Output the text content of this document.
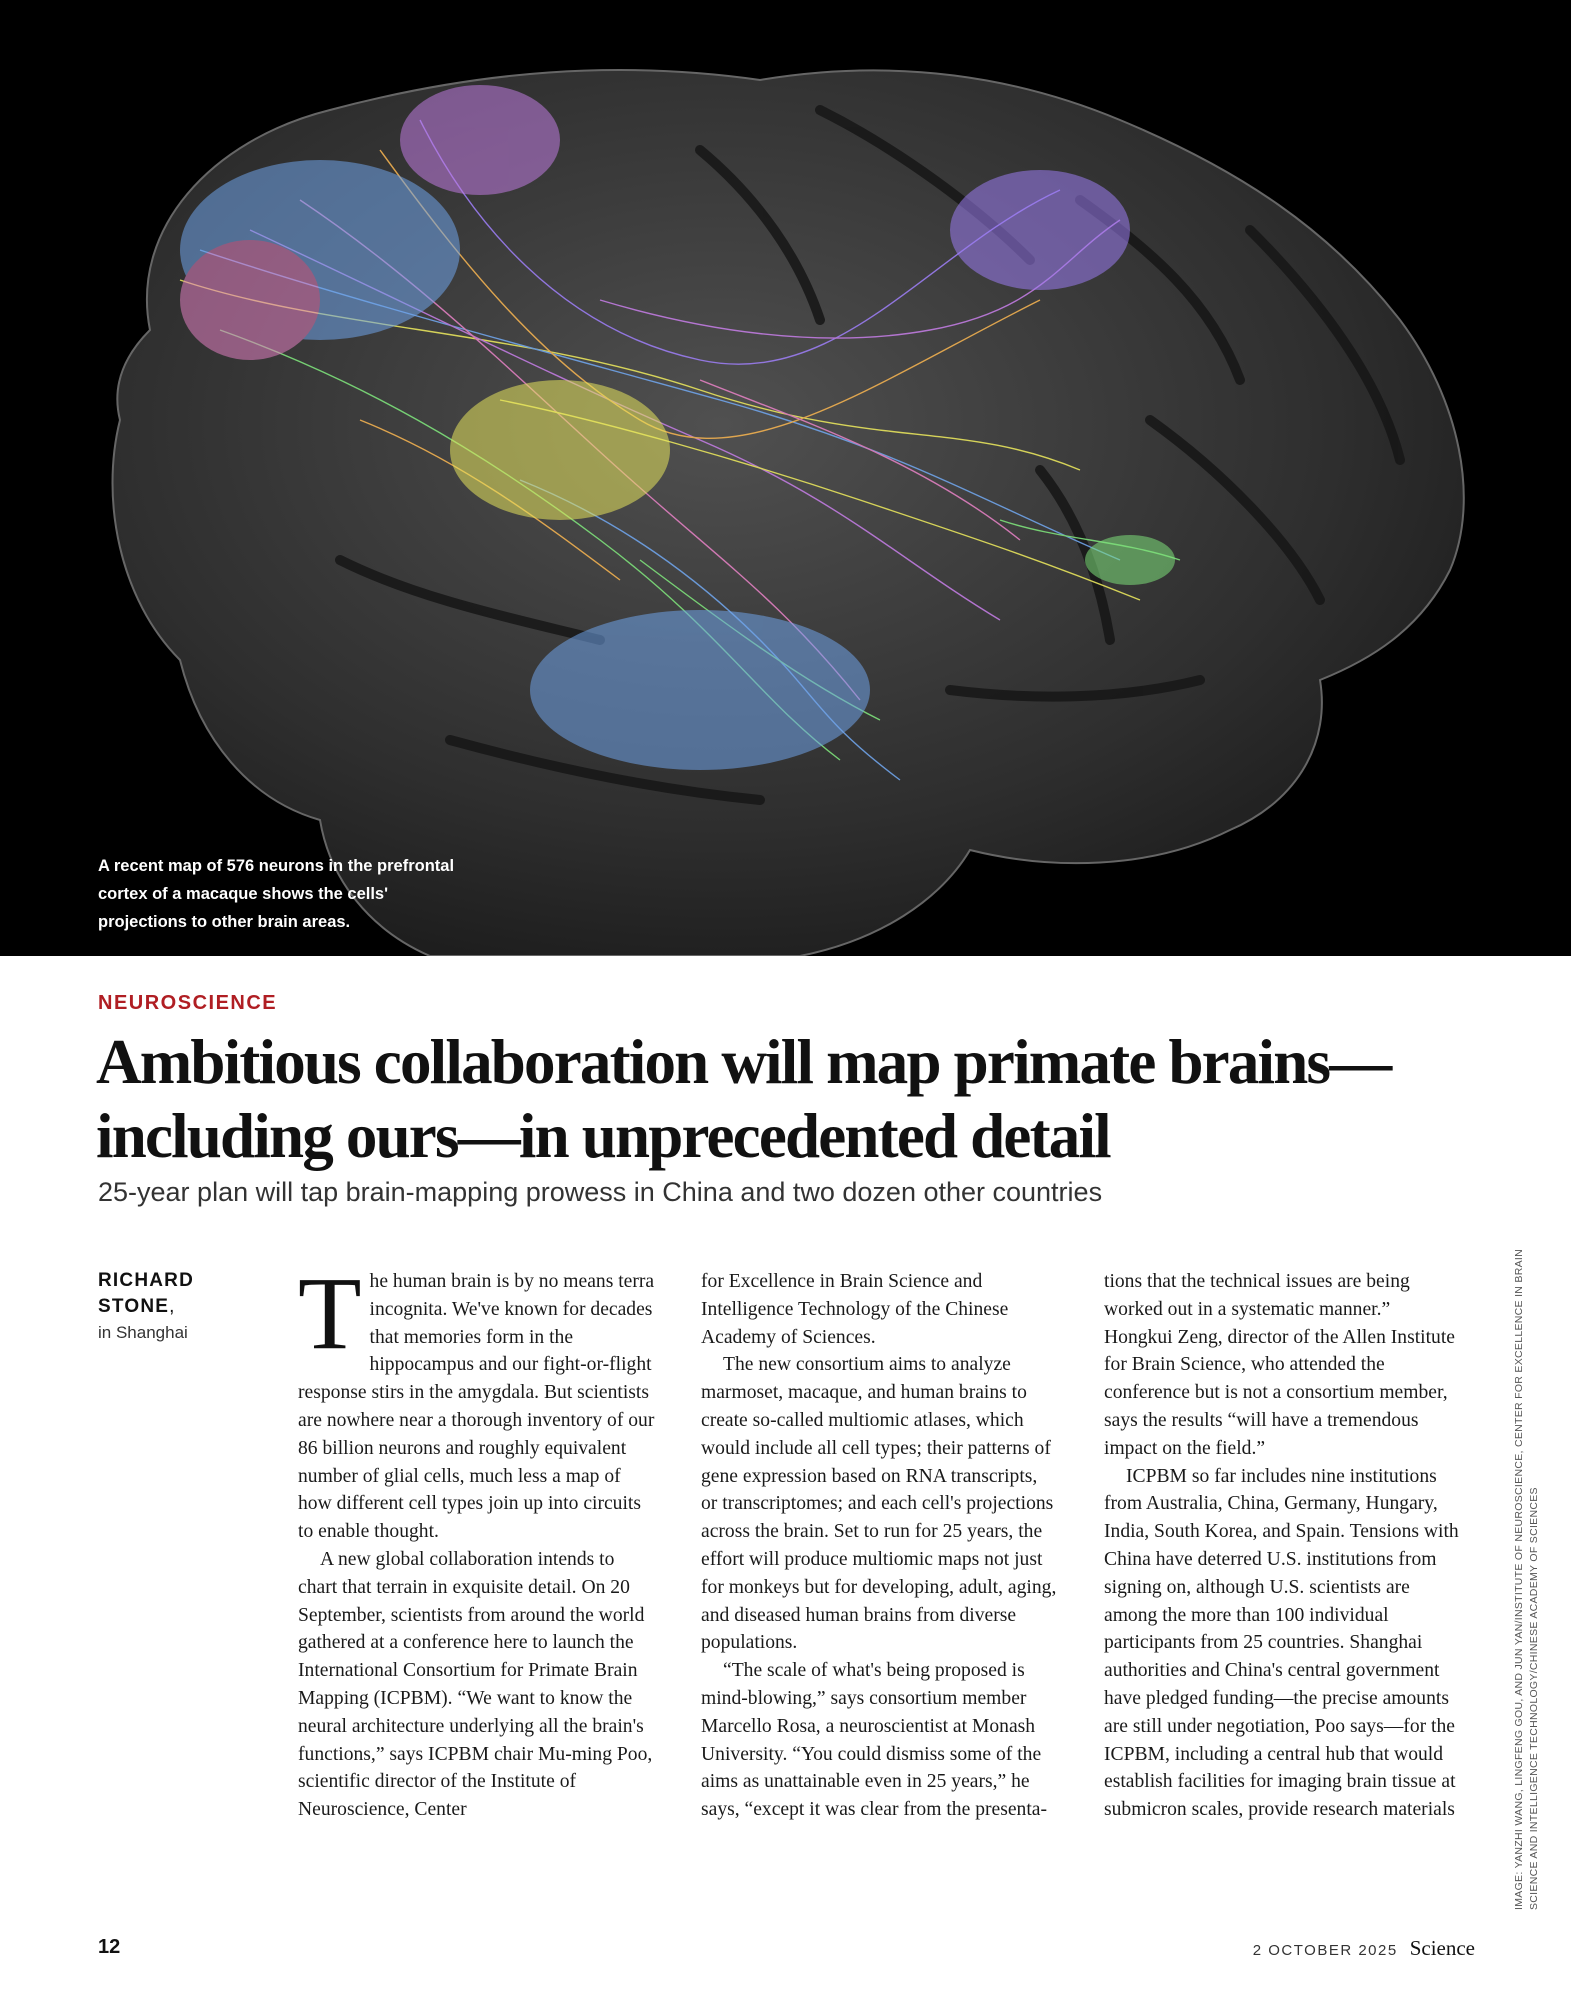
A recent map of 576 neurons in the prefrontal cortex of a macaque shows the cells' projections to other brain areas.
NEUROSCIENCE
Ambitious collaboration will map primate brains—including ours—in unprecedented detail
25-year plan will tap brain-mapping prowess in China and two dozen other countries
RICHARD
STONE,
in Shanghai The human brain is by no means terra incognita. We've known for decades that memories form in the hippocampus and our fight-or-flight response stirs in the amygdala. But scientists are nowhere near a thorough inventory of our 86 billion neurons and roughly equivalent number of glial cells, much less a map of how different cell types join up into circuits to enable thought.

A new global collaboration intends to chart that terrain in exquisite detail. On 20 September, scientists from around the world gathered at a conference here to launch the International Consortium for Primate Brain Mapping (ICPBM). “We want to know the neural architecture underlying all the brain's functions,” says ICPBM chair Mu-ming Poo, scientific director of the Institute of Neuroscience, Center

for Excellence in Brain Science and Intelligence Technology of the Chinese Academy of Sciences.

The new consortium aims to analyze marmoset, macaque, and human brains to create so-called multiomic atlases, which would include all cell types; their patterns of gene expression based on RNA transcripts, or transcriptomes; and each cell's projections across the brain. Set to run for 25 years, the effort will produce multiomic maps not just for monkeys but for developing, adult, aging, and diseased human brains from diverse populations.

“The scale of what's being proposed is mind-blowing,” says consortium member Marcello Rosa, a neuroscientist at Monash University. “You could dismiss some of the aims as unattainable even in 25 years,” he says, “except it was clear from the presenta-

tions that the technical issues are being worked out in a systematic manner.” Hongkui Zeng, director of the Allen Institute for Brain Science, who attended the conference but is not a consortium member, says the results “will have a tremendous impact on the field.”

ICPBM so far includes nine institutions from Australia, China, Germany, Hungary, India, South Korea, and Spain. Tensions with China have deterred U.S. institutions from signing on, although U.S. scientists are among the more than 100 individual participants from 25 countries. Shanghai authorities and China's central government have pledged funding—the precise amounts are still under negotiation, Poo says—for the ICPBM, including a central hub that would establish facilities for imaging brain tissue at submicron scales, provide research materials	IMAGE: YANZHI WANG, LINGFENG GOU, AND JUN YAN/INSTITUTE OF NEUROSCIENCE, CENTER FOR EXCELLENCE IN BRAIN SCIENCE AND INTELLIGENCE TECHNOLOGY/CHINESE ACADEMY OF SCIENCES
12	2 OCTOBER 2025 Science
